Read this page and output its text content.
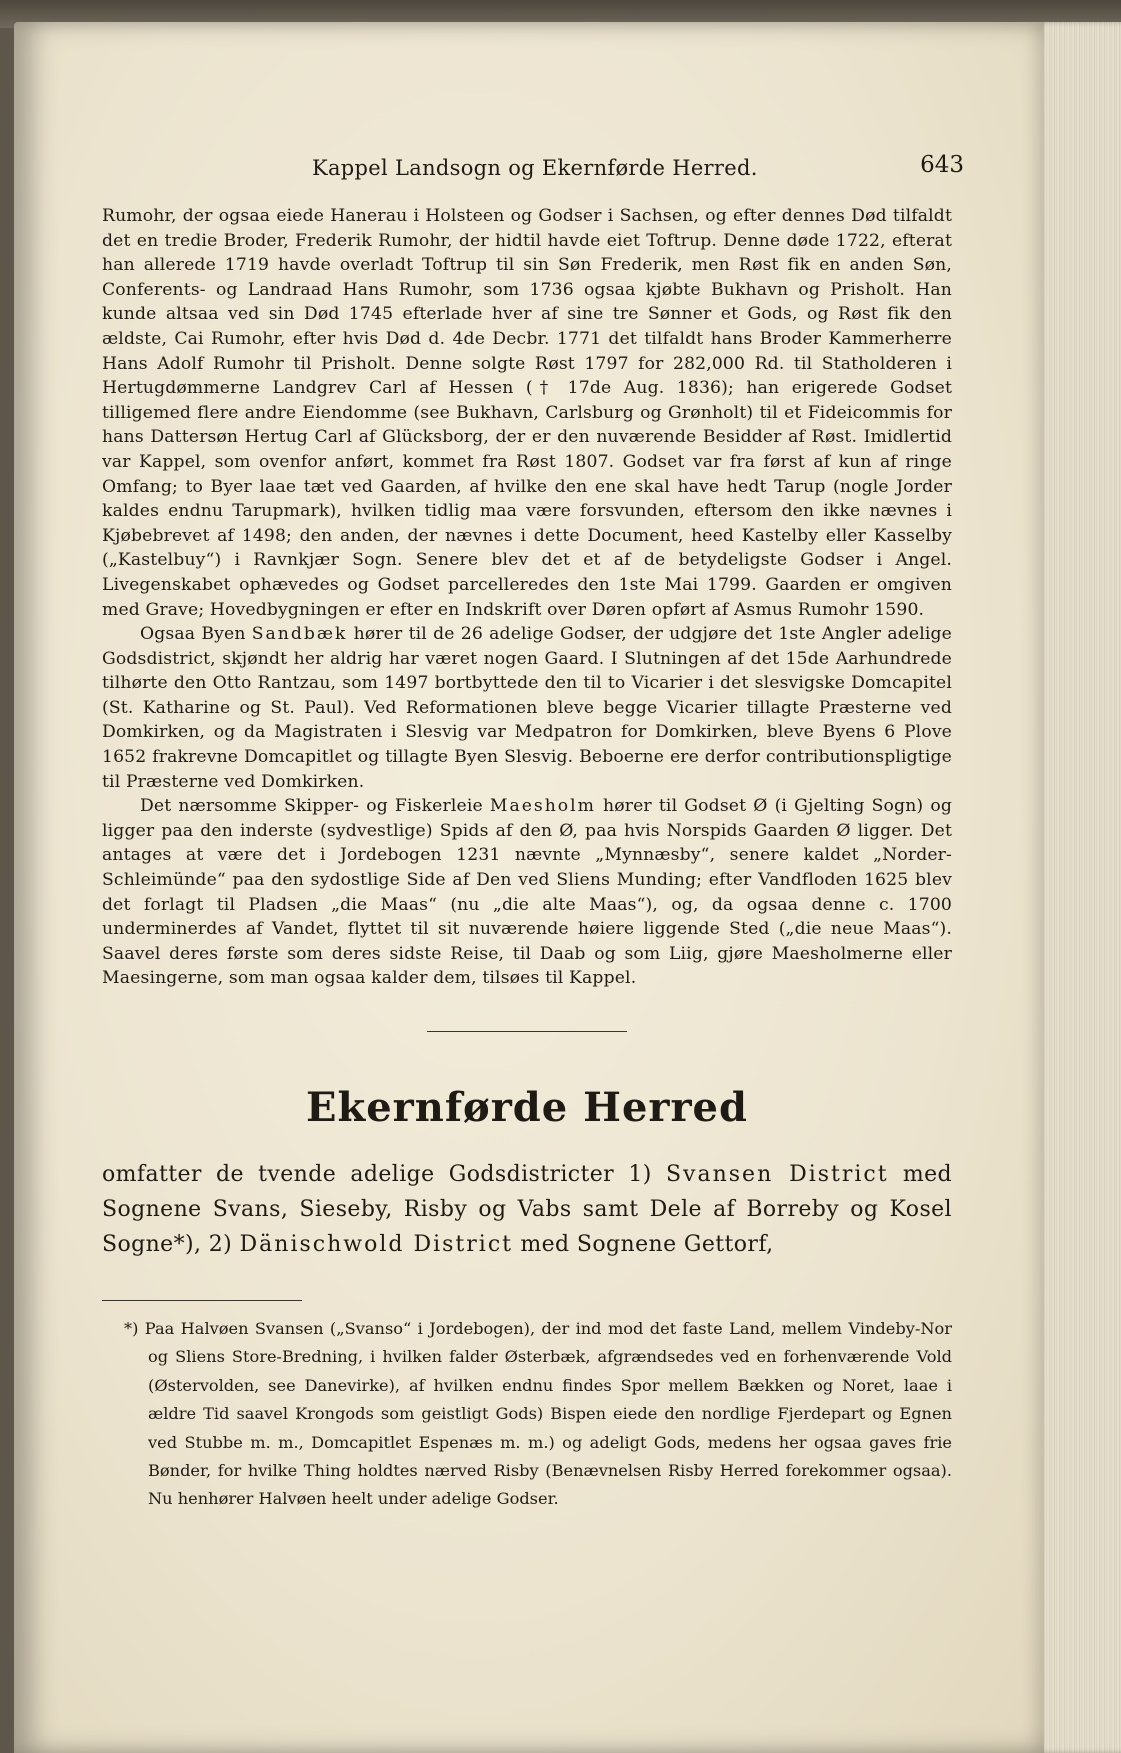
Kappel Landsogn og Ekernførde Herred.	643

Rumohr, der ogsaa eiede Hanerau i Holsteen og Godser i Sachsen, og efter dennes Død tilfaldt det en tredie Broder, Frederik Rumohr, der hidtil havde eiet Toftrup. Denne døde 1722, efterat han allerede 1719 havde overladt Toftrup til sin Søn Frederik, men Røst fik en anden Søn, Conferents- og Landraad Hans Rumohr, som 1736 ogsaa kjøbte Bukhavn og Prisholt. Han kunde altsaa ved sin Død 1745 efterlade hver af sine tre Sønner et Gods, og Røst fik den ældste, Cai Rumohr, efter hvis Død d. 4de Decbr. 1771 det tilfaldt hans Broder Kammerherre Hans Adolf Rumohr til Prisholt. Denne solgte Røst 1797 for 282,000 Rd. til Statholderen i Hertugdømmerne Landgrev Carl af Hessen († 17de Aug. 1836); han erigerede Godset tilligemed flere andre Eiendomme (see Bukhavn, Carlsburg og Grønholt) til et Fideicommis for hans Dattersøn Hertug Carl af Glücksborg, der er den nuværende Besidder af Røst. Imidlertid var Kappel, som ovenfor anført, kommet fra Røst 1807. Godset var fra først af kun af ringe Omfang; to Byer laae tæt ved Gaarden, af hvilke den ene skal have hedt Tarup (nogle Jorder kaldes endnu Tarupmark), hvilken tidlig maa være forsvunden, eftersom den ikke nævnes i Kjøbebrevet af 1498; den anden, der nævnes i dette Document, heed Kastelby eller Kasselby („Kastelbuy“) i Ravnkjær Sogn. Senere blev det et af de betydeligste Godser i Angel. Livegenskabet ophævedes og Godset parcelleredes den 1ste Mai 1799. Gaarden er omgiven med Grave; Hovedbygningen er efter en Indskrift over Døren opført af Asmus Rumohr 1590.

Ogsaa Byen Sandbæk hører til de 26 adelige Godser, der udgjøre det 1ste Angler adelige Godsdistrict, skjøndt her aldrig har været nogen Gaard. I Slutningen af det 15de Aarhundrede tilhørte den Otto Rantzau, som 1497 bortbyttede den til to Vicarier i det slesvigske Domcapitel (St. Katharine og St. Paul). Ved Reformationen bleve begge Vicarier tillagte Præsterne ved Domkirken, og da Magistraten i Slesvig var Medpatron for Domkirken, bleve Byens 6 Plove 1652 frakrevne Domcapitlet og tillagte Byen Slesvig. Beboerne ere derfor contributionspligtige til Præsterne ved Domkirken.

Det nærsomme Skipper- og Fiskerleie Maesholm hører til Godset Ø (i Gjelting Sogn) og ligger paa den inderste (sydvestlige) Spids af den Ø, paa hvis Norspids Gaarden Ø ligger. Det antages at være det i Jordebogen 1231 nævnte „Mynnæsby“, senere kaldet „Norder-Schleimünde“ paa den sydostlige Side af Den ved Sliens Munding; efter Vandfloden 1625 blev det forlagt til Pladsen „die Maas“ (nu „die alte Maas“), og, da ogsaa denne c. 1700 underminerdes af Vandet, flyttet til sit nuværende høiere liggende Sted („die neue Maas“). Saavel deres første som deres sidste Reise, til Daab og som Liig, gjøre Maesholmerne eller Maesingerne, som man ogsaa kalder dem, tilsøes til Kappel.

Ekernførde Herred
omfatter de tvende adelige Godsdistricter 1) Svansen District med Sognene Svans, Sieseby, Risby og Vabs samt Dele af Borreby og Kosel Sogne*), 2) Dänischwold District med Sognene Gettorf,
*) Paa Halvøen Svansen („Svanso“ i Jordebogen), der ind mod det faste Land, mellem Vindeby-Nor og Sliens Store-Bredning, i hvilken falder Østerbæk, afgrændsedes ved en forhenværende Vold (Østervolden, see Danevirke), af hvilken endnu findes Spor mellem Bækken og Noret, laae i ældre Tid saavel Krongods som geistligt Gods) Bispen eiede den nordlige Fjerdepart og Egnen ved Stubbe m. m., Domcapitlet Espenæs m. m.) og adeligt Gods, medens her ogsaa gaves frie Bønder, for hvilke Thing holdtes nærved Risby (Benævnelsen Risby Herred forekommer ogsaa). Nu henhører Halvøen heelt under adelige Godser.
